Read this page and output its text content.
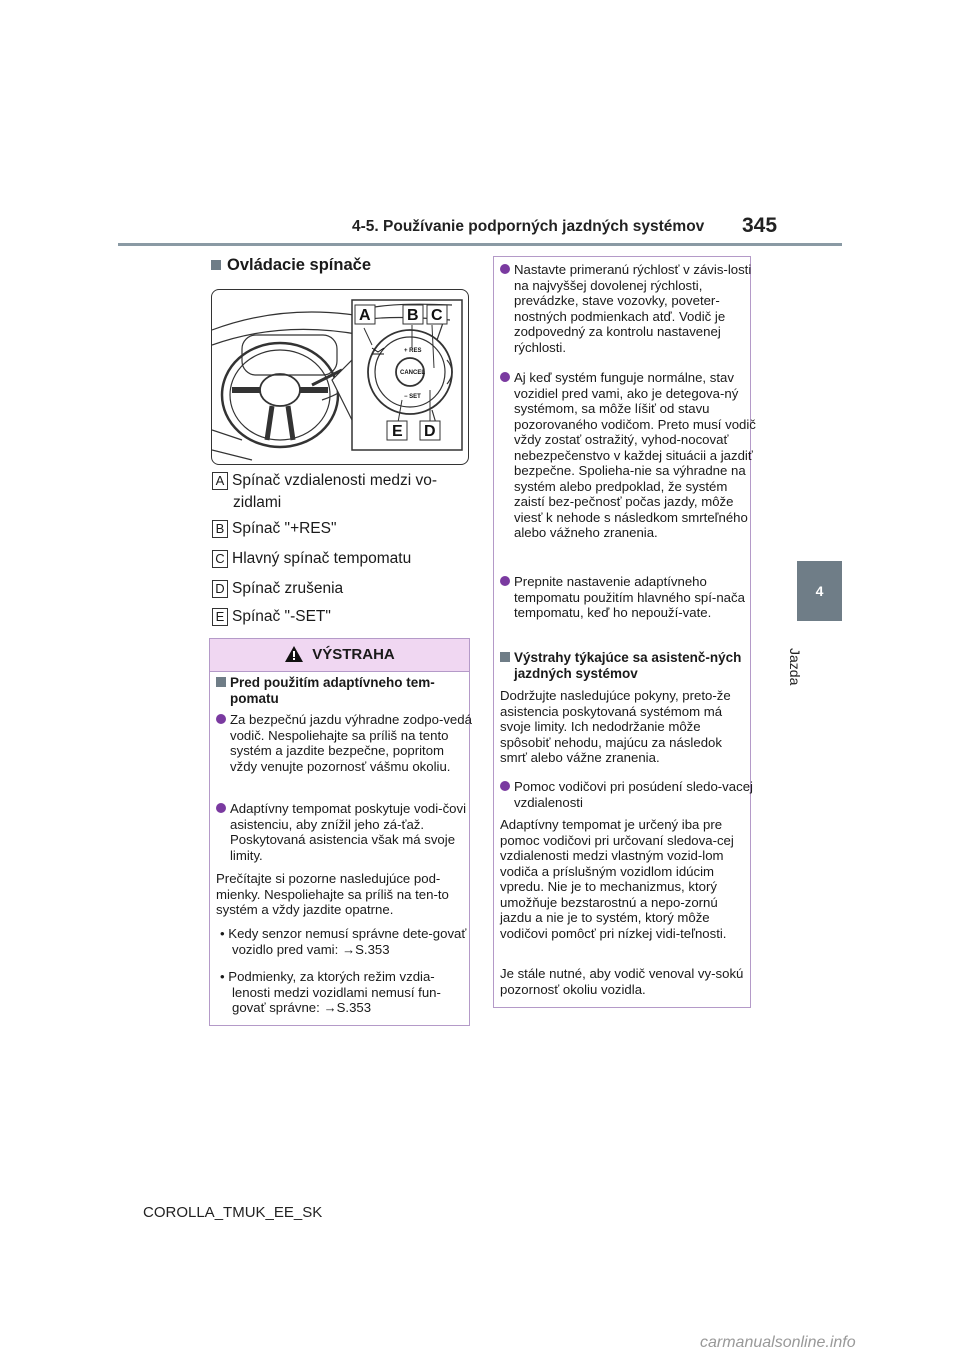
4-5. Používanie podporných jazdných systémov 345
4
Jazda
Ovládacie spínače
A B C
E D
+ RES
CANCEL
− SET
A Spínač vzdialenosti medzi vo-
zidlami
B Spínač "+RES"
C Hlavný spínač tempomatu
D Spínač zrušenia
E Spínač "-SET"
VÝSTRAHA
Pred použitím adaptívneho tem-pomatu
Za bezpečnú jazdu výhradne zodpo-vedá vodič. Nespoliehajte sa príliš na tento systém a jazdite bezpečne, popritom vždy venujte pozornosť vášmu okoliu.
Adaptívny tempomat poskytuje vodi-čovi asistenciu, aby znížil jeho zá-ťaž. Poskytovaná asistencia však má svoje limity.
Prečítajte si pozorne nasledujúce pod-mienky. Nespoliehajte sa príliš na ten-to systém a vždy jazdite opatrne.
• Kedy senzor nemusí správne dete-govať vozidlo pred vami: →S.353
• Podmienky, za ktorých režim vzdia-lenosti medzi vozidlami nemusí fun-govať správne: →S.353
Nastavte primeranú rýchlosť v závis-losti na najvyššej dovolenej rýchlosti, prevádzke, stave vozovky, poveter-nostných podmienkach atď. Vodič je zodpovedný za kontrolu nastavenej rýchlosti.
Aj keď systém funguje normálne, stav vozidiel pred vami, ako je detegova-ný systémom, sa môže líšiť od stavu pozorovaného vodičom. Preto musí vodič vždy zostať ostražitý, vyhod-nocovať nebezpečenstvo v každej situácii a jazdiť bezpečne. Spolieha-nie sa výhradne na systém alebo predpoklad, že systém zaistí bez-pečnosť počas jazdy, môže viesť k nehode s následkom smrteľného alebo vážneho zranenia.
Prepnite nastavenie adaptívneho tempomatu použitím hlavného spí-nača tempomatu, keď ho nepouží-vate.
Výstrahy týkajúce sa asistenč-ných jazdných systémov
Dodržujte nasledujúce pokyny, preto-že asistencia poskytovaná systémom má svoje limity. Ich nedodržanie môže spôsobiť nehodu, majúcu za následok smrť alebo vážne zranenia.
Pomoc vodičovi pri posúdení sledo-vacej vzdialenosti
Adaptívny tempomat je určený iba pre pomoc vodičovi pri určovaní sledova-cej vzdialenosti medzi vlastným vozid-lom vodiča a príslušným vozidlom idúcim vpredu. Nie je to mechanizmus, ktorý umožňuje bezstarostnú a nepo-zornú jazdu a nie je to systém, ktorý môže vodičovi pomôcť pri nízkej vidi-teľnosti.
Je stále nutné, aby vodič venoval vy-sokú pozornosť okoliu vozidla.
COROLLA_TMUK_EE_SK
carmanualsonline.info
